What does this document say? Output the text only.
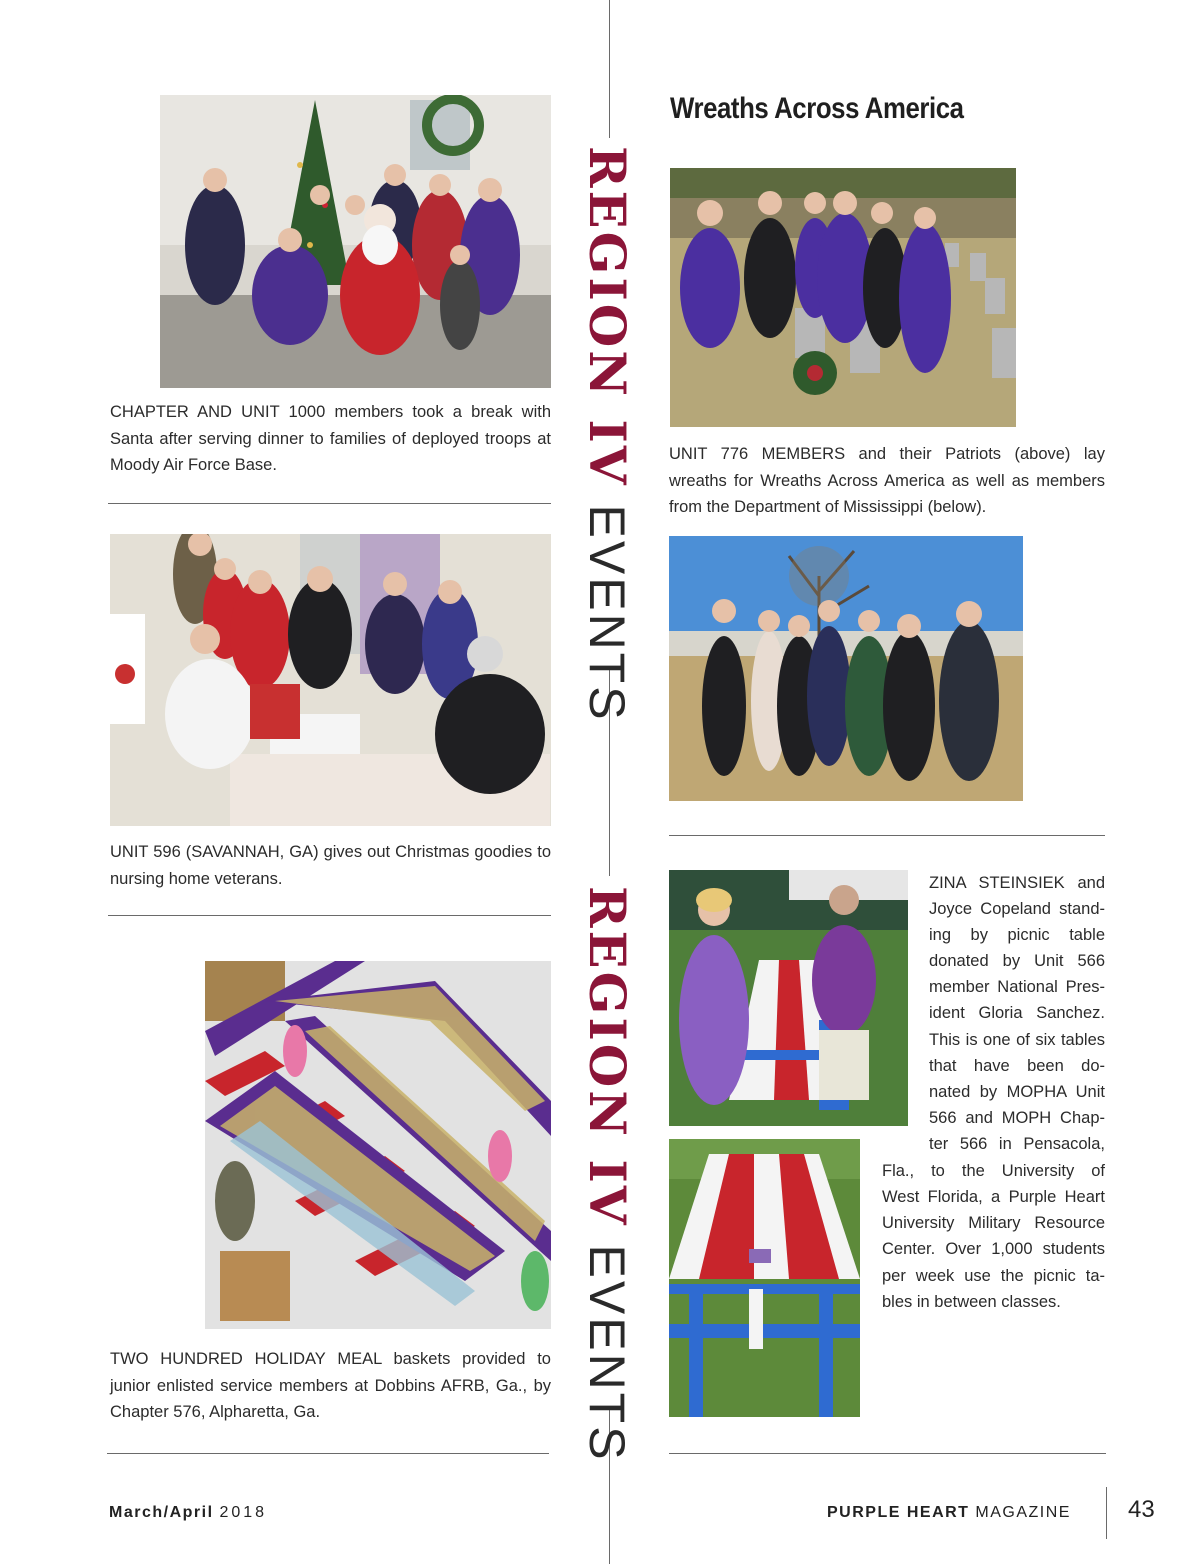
REGION IV EVENTS
REGION IV EVENTS

CHAPTER AND UNIT 1000 members took a break with Santa after serving dinner to families of deployed troops at Moody Air Force Base.

UNIT 596 (SAVANNAH, GA) gives out Christmas goodies to nursing home veterans.

TWO HUNDRED HOLIDAY MEAL baskets provided to junior enlisted service members at Dobbins AFRB, Ga., by Chapter 576, Alpharetta, Ga.

Wreaths Across America

UNIT 776 MEMBERS and their Patriots (above) lay wreaths for Wreaths Across America as well as members from the Department of Mississippi (below).

ZINA STEINSIEK and
Joyce Copeland stand-
ing by picnic table
donated by Unit 566
member National Pres-
ident Gloria Sanchez.
This is one of six tables
that have been do-
nated by MOPHA Unit
566 and MOPH Chap-
ter 566 in Pensacola,
Fla., to the University of
West Florida, a Purple Heart
University Military Resource
Center. Over 1,000 students
per week use the picnic ta-
bles in between classes.
March/April 2018	PURPLE HEART MAGAZINE 43
